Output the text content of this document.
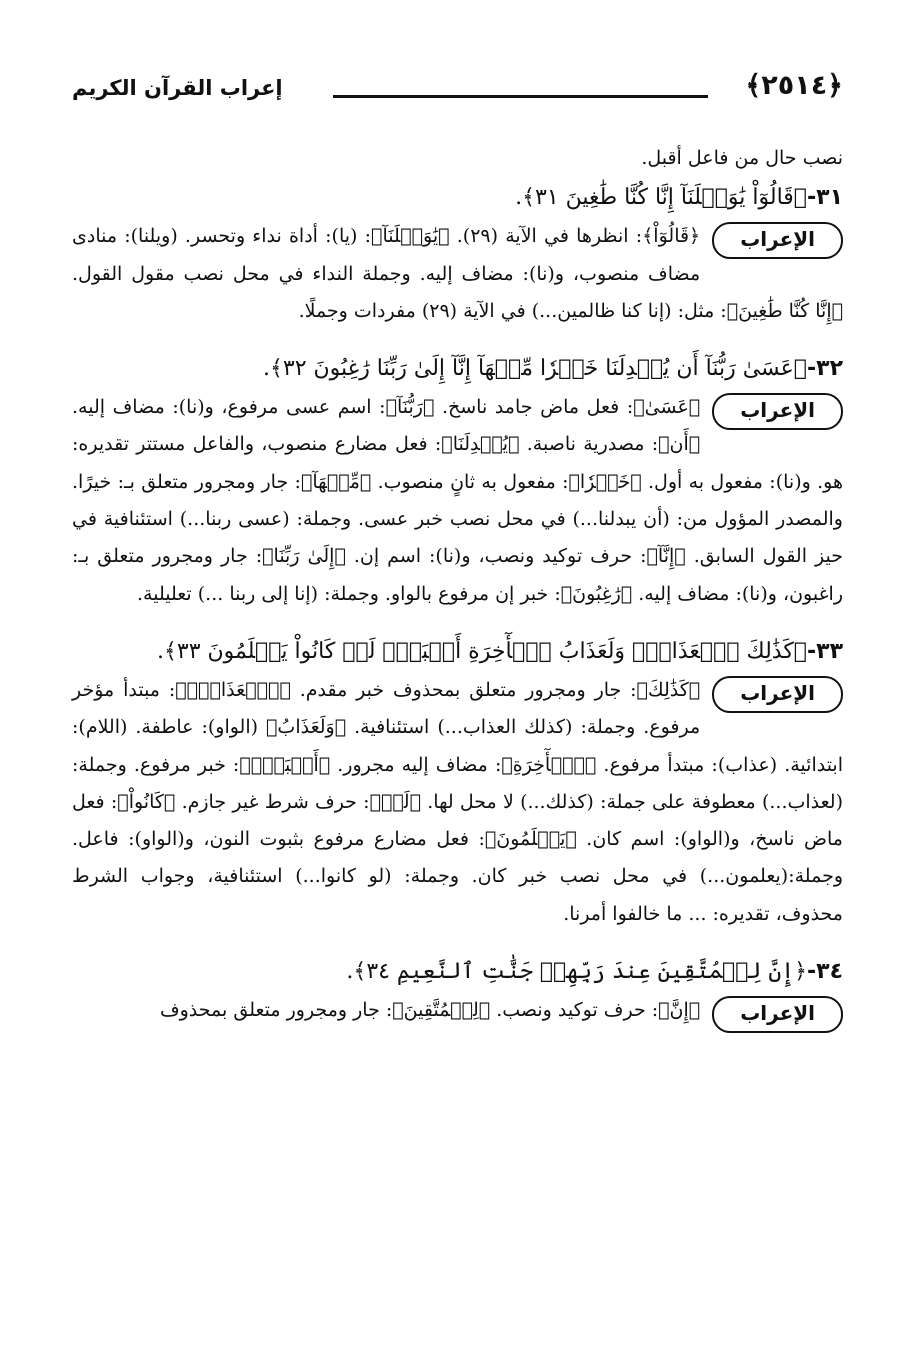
﴿٢٥١٤﴾
إعراب القرآن الكريم

نصب حال من فاعل أقبل.

٣١-﴿قَالُوٓاْ يَٰوَيۡلَنَآ إِنَّا كُنَّا طَٰغِينَ ٣١﴾.

الإعراب

﴿قَالُوٓاْ﴾: انظرها في الآية (٢٩). ﴿يَٰوَيۡلَنَآ﴾: (يا): أداة نداء وتحسر. (ويلنا): منادى مضاف منصوب، و(نا): مضاف إليه. وجملة النداء في محل نصب مقول القول. ﴿إِنَّا كُنَّا طَٰغِينَ﴾: مثل: (إنا كنا ظالمين...) في الآية (٢٩) مفردات وجملًا.

٣٢-﴿عَسَىٰ رَبُّنَآ أَن يُبۡدِلَنَا خَيۡرٗا مِّنۡهَآ إِنَّآ إِلَىٰ رَبِّنَا رَٰغِبُونَ ٣٢﴾.

الإعراب

﴿عَسَىٰ﴾: فعل ماض جامد ناسخ. ﴿رَبُّنَآ﴾: اسم عسى مرفوع، و(نا): مضاف إليه. ﴿أَن﴾: مصدرية ناصبة. ﴿يُبۡدِلَنَا﴾: فعل مضارع منصوب، والفاعل مستتر تقديره: هو. و(نا): مفعول به أول. ﴿خَيۡرٗا﴾: مفعول به ثانٍ منصوب. ﴿مِّنۡهَآ﴾: جار ومجرور متعلق بـ: خيرًا. والمصدر المؤول من: (أن يبدلنا...) في محل نصب خبر عسى. وجملة: (عسى ربنا...) استئنافية في حيز القول السابق. ﴿إِنَّآ﴾: حرف توكيد ونصب، و(نا): اسم إن. ﴿إِلَىٰ رَبِّنَا﴾: جار ومجرور متعلق بـ: راغبون، و(نا): مضاف إليه. ﴿رَٰغِبُونَ﴾: خبر إن مرفوع بالواو. وجملة: (إنا إلى ربنا ...) تعليلية.

٣٣-﴿كَذَٰلِكَ ٱلۡعَذَابُۖ وَلَعَذَابُ ٱلۡأٓخِرَةِ أَكۡبَرُۚ لَوۡ كَانُواْ يَعۡلَمُونَ ٣٣﴾.

الإعراب

﴿كَذَٰلِكَ﴾: جار ومجرور متعلق بمحذوف خبر مقدم. ﴿ٱلۡعَذَابُۖ﴾: مبتدأ مؤخر مرفوع. وجملة: (كذلك العذاب...) استئنافية. ﴿وَلَعَذَابُ﴾ (الواو): عاطفة. (اللام): ابتدائية. (عذاب): مبتدأ مرفوع. ﴿ٱلۡأٓخِرَةِ﴾: مضاف إليه مجرور. ﴿أَكۡبَرُۚ﴾: خبر مرفوع. وجملة: (لعذاب...) معطوفة على جملة: (كذلك...) لا محل لها. ﴿لَوۡ﴾: حرف شرط غير جازم. ﴿كَانُواْ﴾: فعل ماض ناسخ، و(الواو): اسم كان. ﴿يَعۡلَمُونَ﴾: فعل مضارع مرفوع بثبوت النون، و(الواو): فاعل. وجملة:(يعلمون...) في محل نصب خبر كان. وجملة: (لو كانوا...) استئنافية، وجواب الشرط محذوف، تقديره: ... ما خالفوا أمرنا.

٣٤-﴿إِنَّ لِلۡمُتَّقِينَ عِندَ رَبِّهِمۡ جَنَّٰتِ ٱلنَّعِيمِ ٣٤﴾.

الإعراب

﴿إِنَّ﴾: حرف توكيد ونصب. ﴿لِلۡمُتَّقِينَ﴾: جار ومجرور متعلق بمحذوف
